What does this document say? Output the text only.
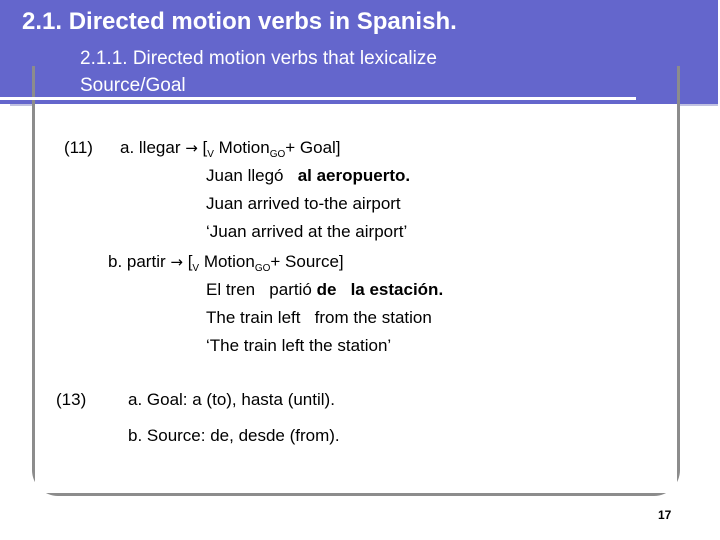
2.1. Directed motion verbs in Spanish.
2.1.1. Directed motion verbs that lexicalize
Source/Goal
(11) a. llegar → [$_V$ Motion$_{GO}$+ Goal]
Juan llegó al aeropuerto.
Juan arrived to-the airport
‘Juan arrived at the airport’
b. partir → [$_V$ Motion$_{GO}$+ Source]
El tren   partió de   la estación.
The train left   from the station
‘The train left the station’
(13) a. Goal: a (to), hasta (until).
b. Source: de, desde (from).
17
